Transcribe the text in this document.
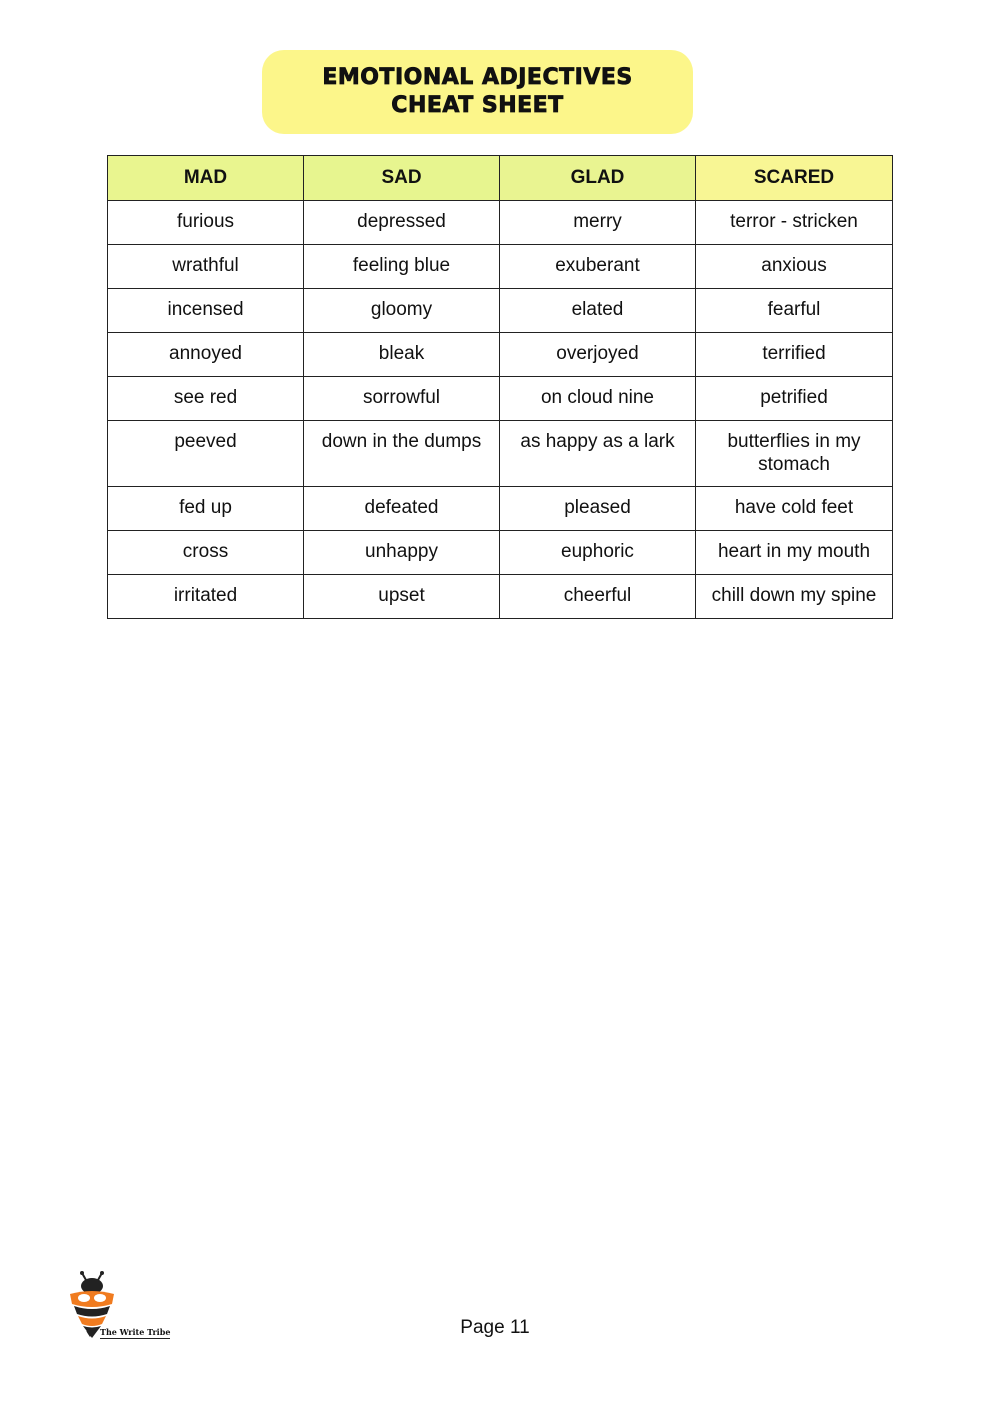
EMOTIONAL ADJECTIVES
CHEAT SHEET
MAD	SAD	GLAD	SCARED
furious	depressed	merry	terror - stricken
wrathful	feeling blue	exuberant	anxious
incensed	gloomy	elated	fearful
annoyed	bleak	overjoyed	terrified
see red	sorrowful	on cloud nine	petrified
peeved	down in the dumps	as happy as a lark	butterflies in my stomach
fed up	defeated	pleased	have cold feet
cross	unhappy	euphoric	heart in my mouth
irritated	upset	cheerful	chill down my spine
The Write Tribe	Page 11
